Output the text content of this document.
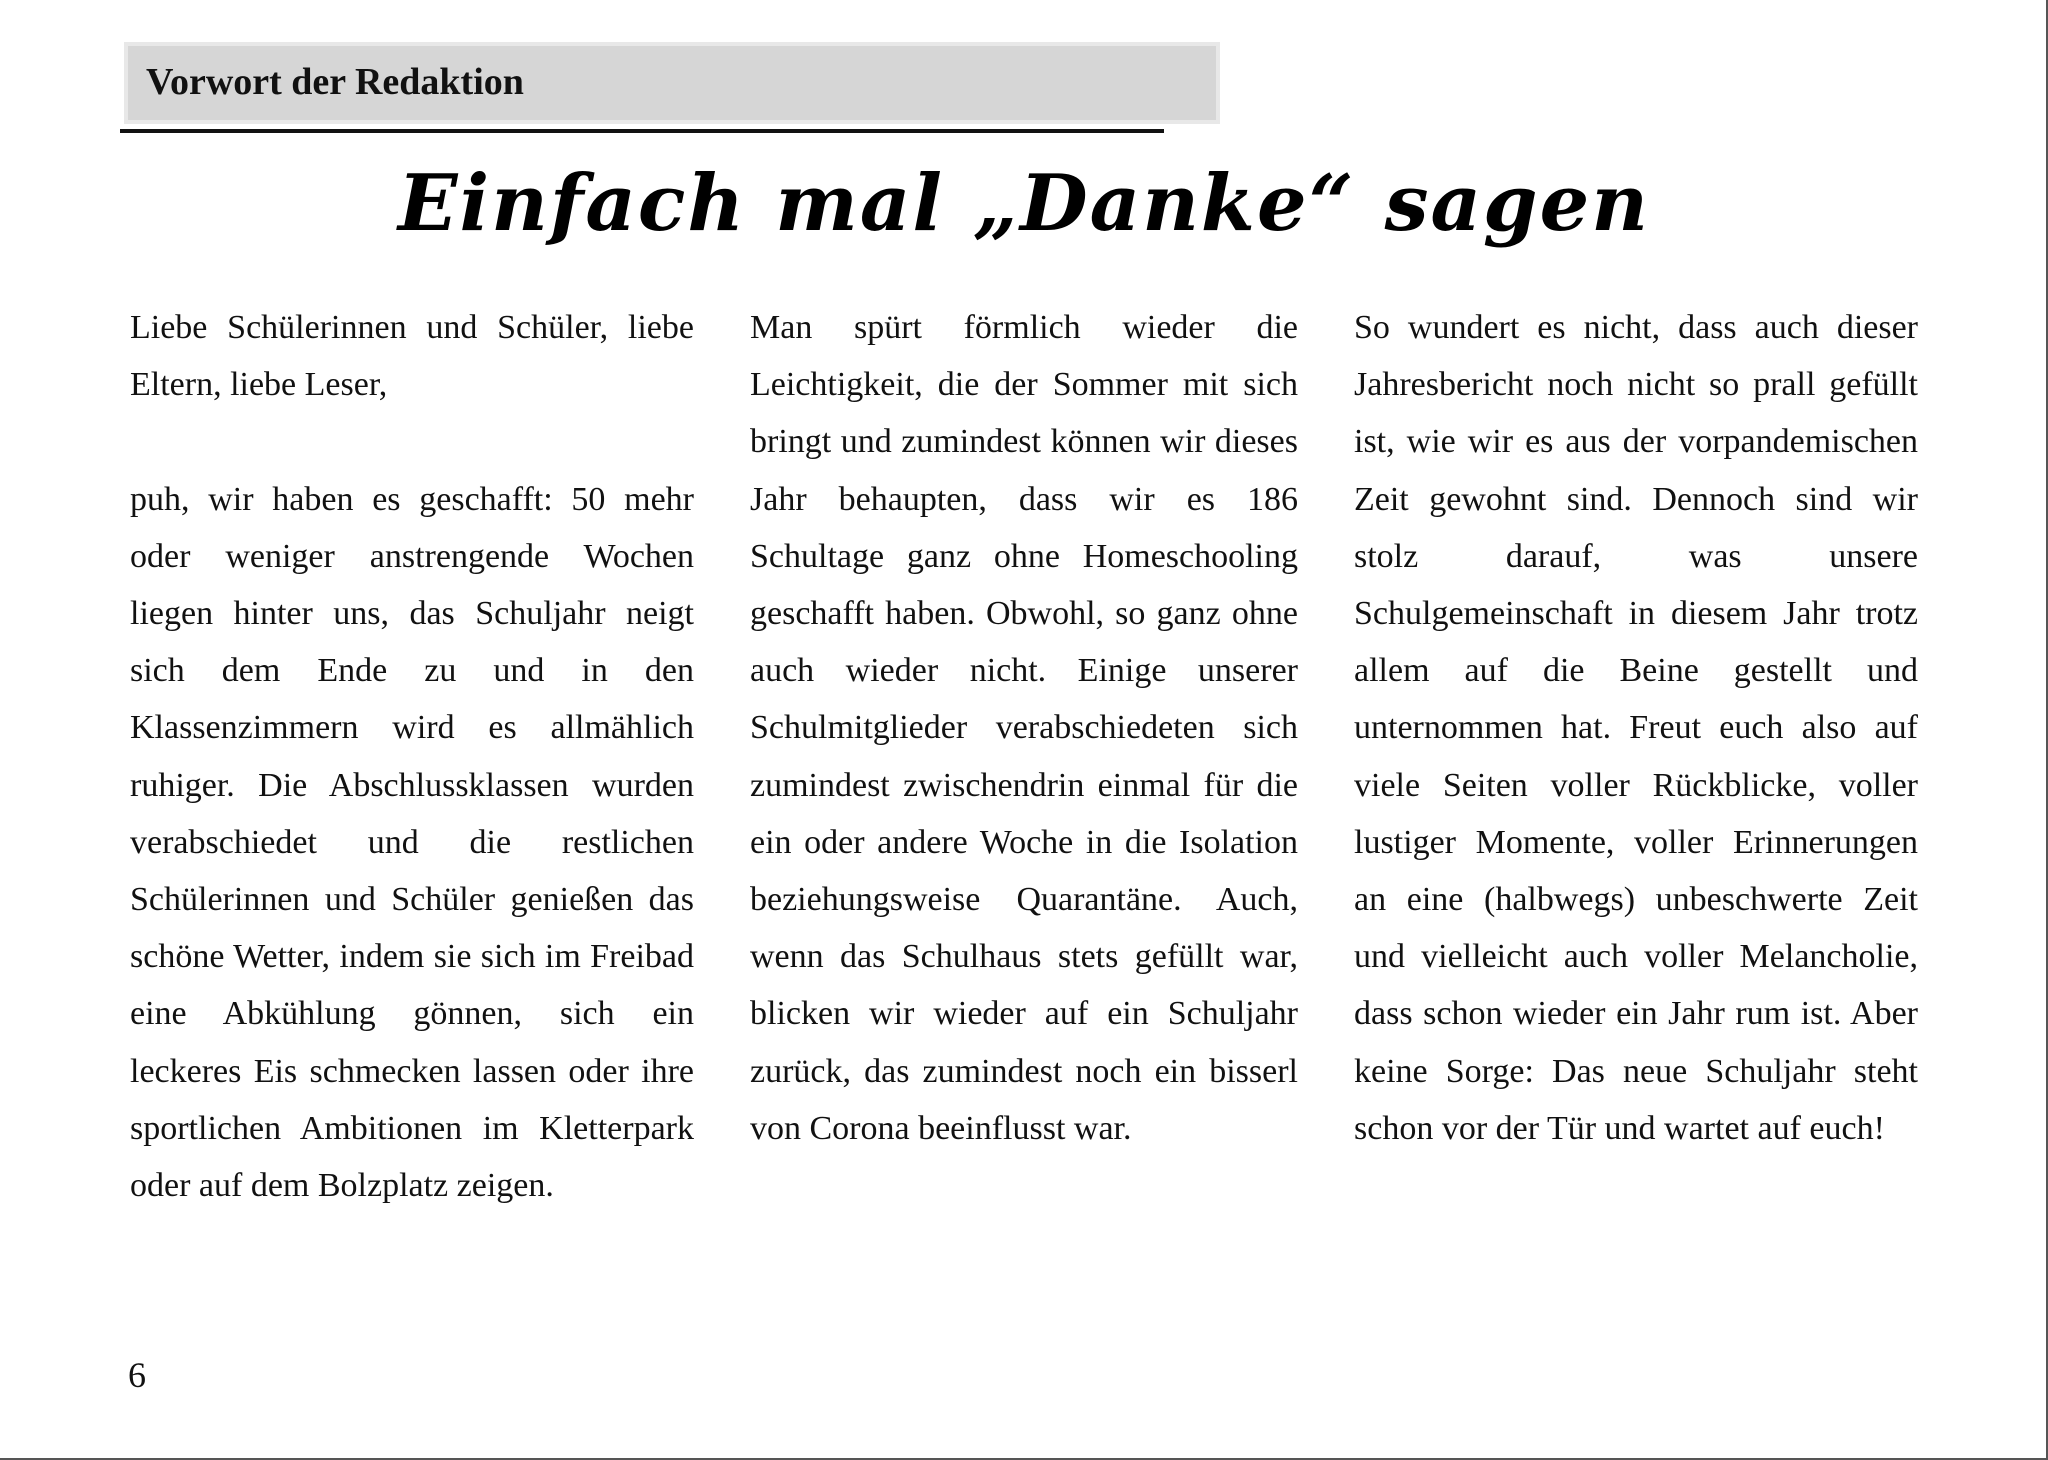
Vorwort der Redaktion
Einfach mal „Danke“ sagen

Liebe Schülerinnen und Schüler, liebe Eltern, liebe Leser,

puh, wir haben es geschafft: 50 mehr oder weniger anstrengende Wochen liegen hinter uns, das Schuljahr neigt sich dem Ende zu und in den Klassenzimmern wird es allmählich ruhiger. Die Abschlussklassen wurden verabschiedet und die restlichen Schülerinnen und Schüler genießen das schöne Wetter, indem sie sich im Freibad eine Abkühlung gönnen, sich ein leckeres Eis schmecken lassen oder ihre sportlichen Ambitionen im Kletterpark oder auf dem Bolzplatz zeigen.

Man spürt förmlich wieder die Leichtigkeit, die der Sommer mit sich bringt und zumindest können wir dieses Jahr behaupten, dass wir es 186 Schultage ganz ohne Homeschooling geschafft haben. Obwohl, so ganz ohne auch wieder nicht. Einige unserer Schulmitglieder verabschiedeten sich zumindest zwischendrin einmal für die ein oder andere Woche in die Isolation beziehungsweise Quarantäne. Auch, wenn das Schulhaus stets gefüllt war, blicken wir wieder auf ein Schuljahr zurück, das zumindest noch ein bisserl von Corona beeinflusst war.

So wundert es nicht, dass auch dieser Jahresbericht noch nicht so prall gefüllt ist, wie wir es aus der vorpandemischen Zeit gewohnt sind. Dennoch sind wir stolz darauf, was unsere Schulgemeinschaft in diesem Jahr trotz allem auf die Beine gestellt und unternommen hat. Freut euch also auf viele Seiten voller Rückblicke, voller lustiger Momente, voller Erinnerungen an eine (halbwegs) unbeschwerte Zeit und vielleicht auch voller Melancholie, dass schon wieder ein Jahr rum ist. Aber keine Sorge: Das neue Schuljahr steht schon vor der Tür und wartet auf euch!

6
